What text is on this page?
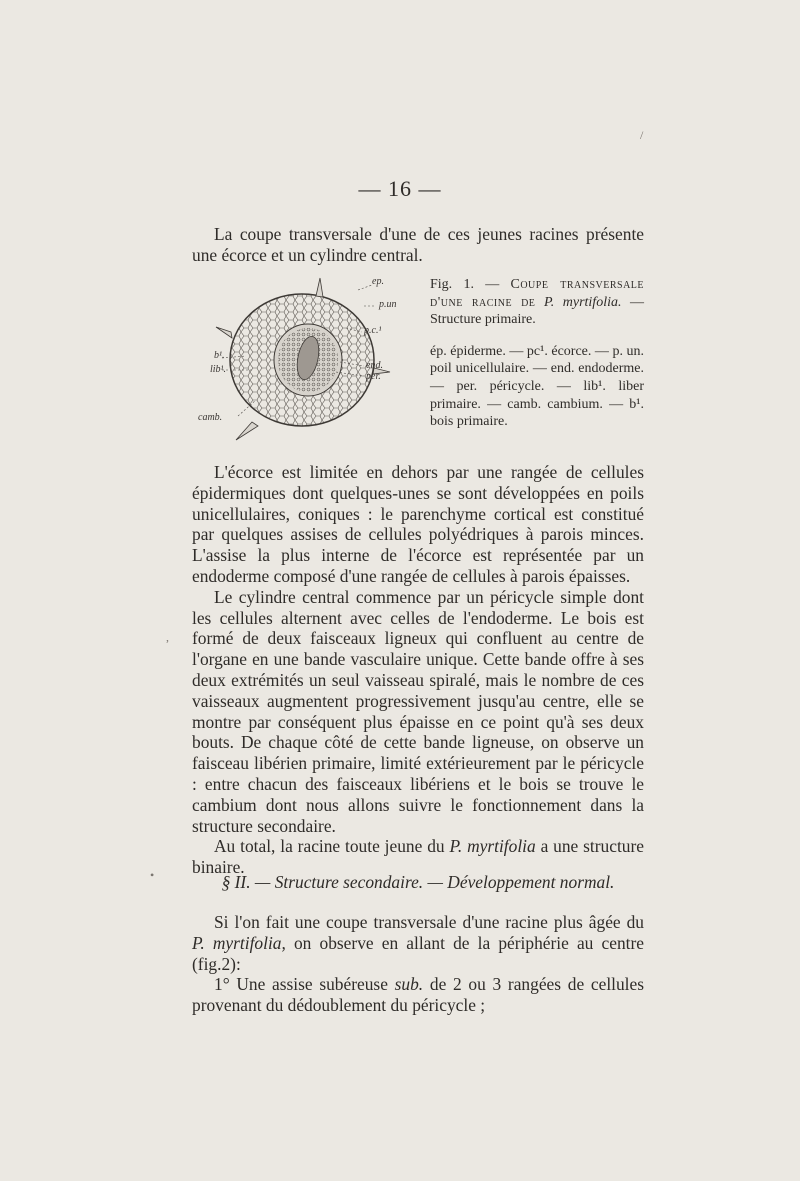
— 16 —
La coupe transversale d'une de ces jeunes racines présente une écorce et un cylindre central.
ep.
p.un
p.c.¹
end.
per.
b¹.
lib¹.
camb.
Fig. 1. — Coupe transversale d'une racine de P. myrtifolia. — Structure primaire.
ép. épiderme. — pc¹. écorce. — p. un. poil unicellulaire. — end. endoderme. — per. péricycle. — lib¹. liber primaire. — camb. cambium. — b¹. bois primaire.

L'écorce est limitée en dehors par une rangée de cellules épidermiques dont quelques-unes se sont développées en poils unicellulaires, coniques : le parenchyme cortical est constitué par quelques assises de cellules polyédriques à parois minces. L'assise la plus interne de l'écorce est représentée par un endoderme composé d'une rangée de cellules à parois épaisses.

Le cylindre central commence par un péricycle simple dont les cellules alternent avec celles de l'endoderme. Le bois est formé de deux faisceaux ligneux qui confluent au centre de l'organe en une bande vasculaire unique. Cette bande offre à ses deux extrémités un seul vaisseau spiralé, mais le nombre de ces vaisseaux augmentent progressivement jusqu'au centre, elle se montre par conséquent plus épaisse en ce point qu'à ses deux bouts. De chaque côté de cette bande ligneuse, on observe un faisceau libérien primaire, limité extérieurement par le péricycle : entre chacun des faisceaux libériens et le bois se trouve le cambium dont nous allons suivre le fonctionnement dans la structure secondaire.

Au total, la racine toute jeune du P. myrtifolia a une structure binaire.

§ II. — Structure secondaire. — Développement normal.

Si l'on fait une coupe transversale d'une racine plus âgée du P. myrtifolia, on observe en allant de la périphérie au centre (fig.2):

1° Une assise subéreuse sub. de 2 ou 3 rangées de cellules provenant du dédoublement du péricycle ;

/
,
•
